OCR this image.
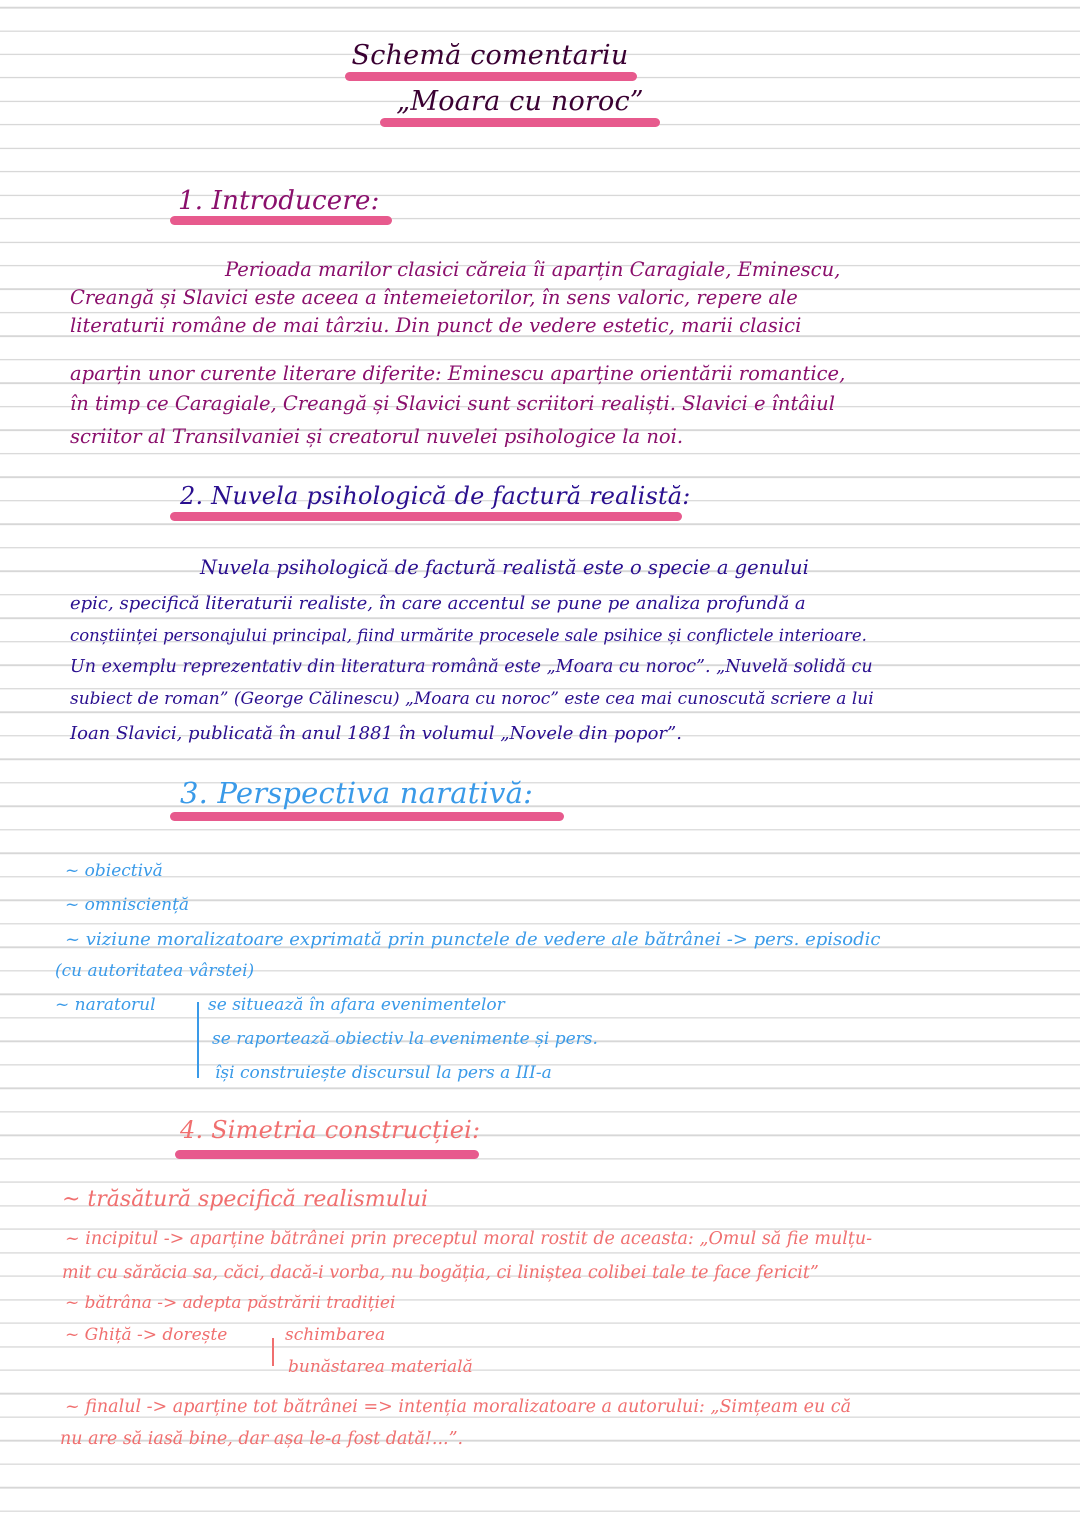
Schemă comentariu
„Moara cu noroc”
1. Introducere:
Perioada marilor clasici căreia îi aparțin Caragiale, Eminescu,
Creangă și Slavici este aceea a întemeietorilor, în sens valoric, repere ale
literaturii române de mai târziu. Din punct de vedere estetic, marii clasici
aparțin unor curente literare diferite: Eminescu aparține orientării romantice,
în timp ce Caragiale, Creangă și Slavici sunt scriitori realiști. Slavici e întâiul
scriitor al Transilvaniei și creatorul nuvelei psihologice la noi.
2. Nuvela psihologică de factură realistă:
Nuvela psihologică de factură realistă este o specie a genului
epic, specifică literaturii realiste, în care accentul se pune pe analiza profundă a
conștiinței personajului principal, fiind urmărite procesele sale psihice și conflictele interioare.
Un exemplu reprezentativ din literatura română este „Moara cu noroc”. „Nuvelă solidă cu
subiect de roman” (George Călinescu) „Moara cu noroc” este cea mai cunoscută scriere a lui
Ioan Slavici, publicată în anul 1881 în volumul „Novele din popor”.
3. Perspectiva narativă:
~ obiectivă
~ omnisciență
~ viziune moralizatoare exprimată prin punctele de vedere ale bătrânei -> pers. episodic
(cu autoritatea vârstei)
~ naratorul	se situează în afara evenimentelor
se raportează obiectiv la evenimente și pers.
își construiește discursul la pers a III-a
4. Simetria construcției:
~ trăsătură specifică realismului
~ incipitul -> aparține bătrânei prin preceptul moral rostit de aceasta: „Omul să fie mulțu-
mit cu sărăcia sa, căci, dacă-i vorba, nu bogăția, ci liniștea colibei tale te face fericit”
~ bătrâna -> adepta păstrării tradiției
~ Ghiță -> dorește	schimbarea
bunăstarea materială
~ finalul -> aparține tot bătrânei => intenția moralizatoare a autorului: „Simțeam eu că
nu are să iasă bine, dar așa le-a fost dată!...”.
